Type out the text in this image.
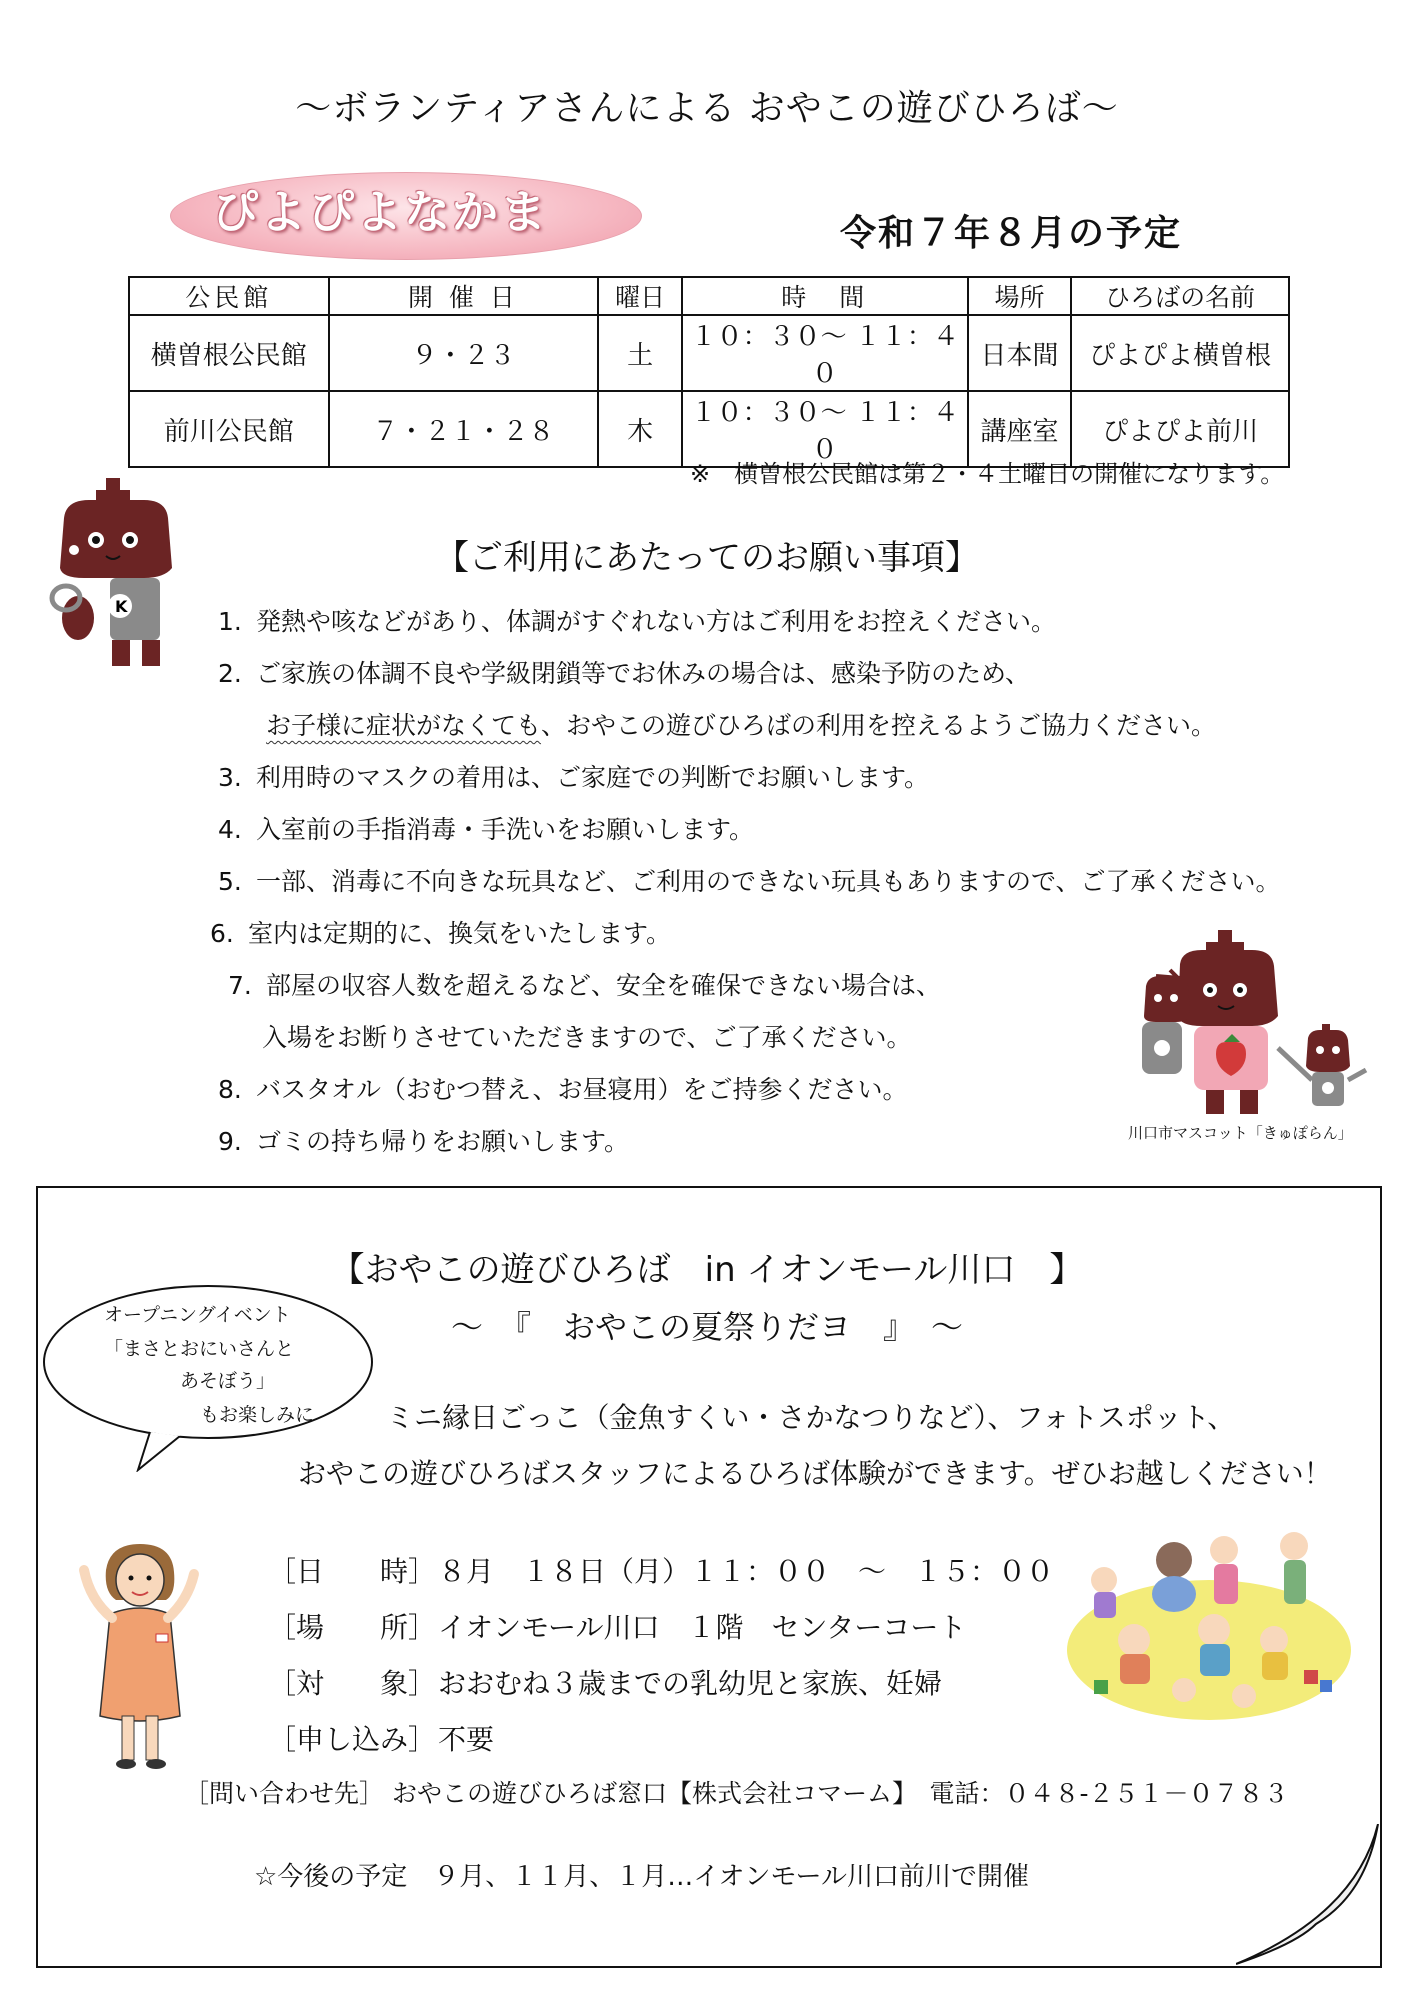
～ボランティアさんによる おやこの遊びひろば～
ぴよぴよなかま	令和７年８月の予定
公民館	開 催 日	曜日	時　間	場所	ひろばの名前
横曽根公民館	９・２３	土	１０：３０～ １１：４０	日本間	ぴよぴよ横曽根
前川公民館	７・２１・２８	木	１０：３０～ １１：４０	講座室	ぴよぴよ前川
※　横曽根公民館は第２・４土曜日の開催になります。
K
【ご利用にあたってのお願い事項】
1. 発熱や咳などがあり、体調がすぐれない方はご利用をお控えください。
2. ご家族の体調不良や学級閉鎖等でお休みの場合は、感染予防のため、
お子様に症状がなくても、おやこの遊びひろばの利用を控えるようご協力ください。
3. 利用時のマスクの着用は、ご家庭での判断でお願いします。
4. 入室前の手指消毒・手洗いをお願いします。
5. 一部、消毒に不向きな玩具など、ご利用のできない玩具もありますので、ご了承ください。
6. 室内は定期的に、換気をいたします。
7. 部屋の収容人数を超えるなど、安全を確保できない場合は、
入場をお断りさせていただきますので、ご了承ください。
8. バスタオル（おむつ替え、お昼寝用）をご持参ください。
9. ゴミの持ち帰りをお願いします。	川口市マスコット「きゅぽらん」
【おやこの遊びひろば　in イオンモール川口　】
～　『　おやこの夏祭りだヨ　』　～
オープニングイベント
「まさとおにいさんと
あそぼう」
もお楽しみに	ミニ縁日ごっこ（金魚すくい・さかなつりなど）、フォトスポット、
おやこの遊びひろばスタッフによるひろば体験ができます。ぜひお越しください！
［日　　時］８月　１８日（月）１１：００　～　１５：００
［場　　所］イオンモール川口　１階　センターコート
［対　　象］おおむね３歳までの乳幼児と家族、妊婦
［申し込み］不要
［問い合わせ先］ おやこの遊びひろば窓口【株式会社コマーム】　電話：０４８-２５１－０７８３
☆今後の予定　９月、１１月、１月…イオンモール川口前川で開催
